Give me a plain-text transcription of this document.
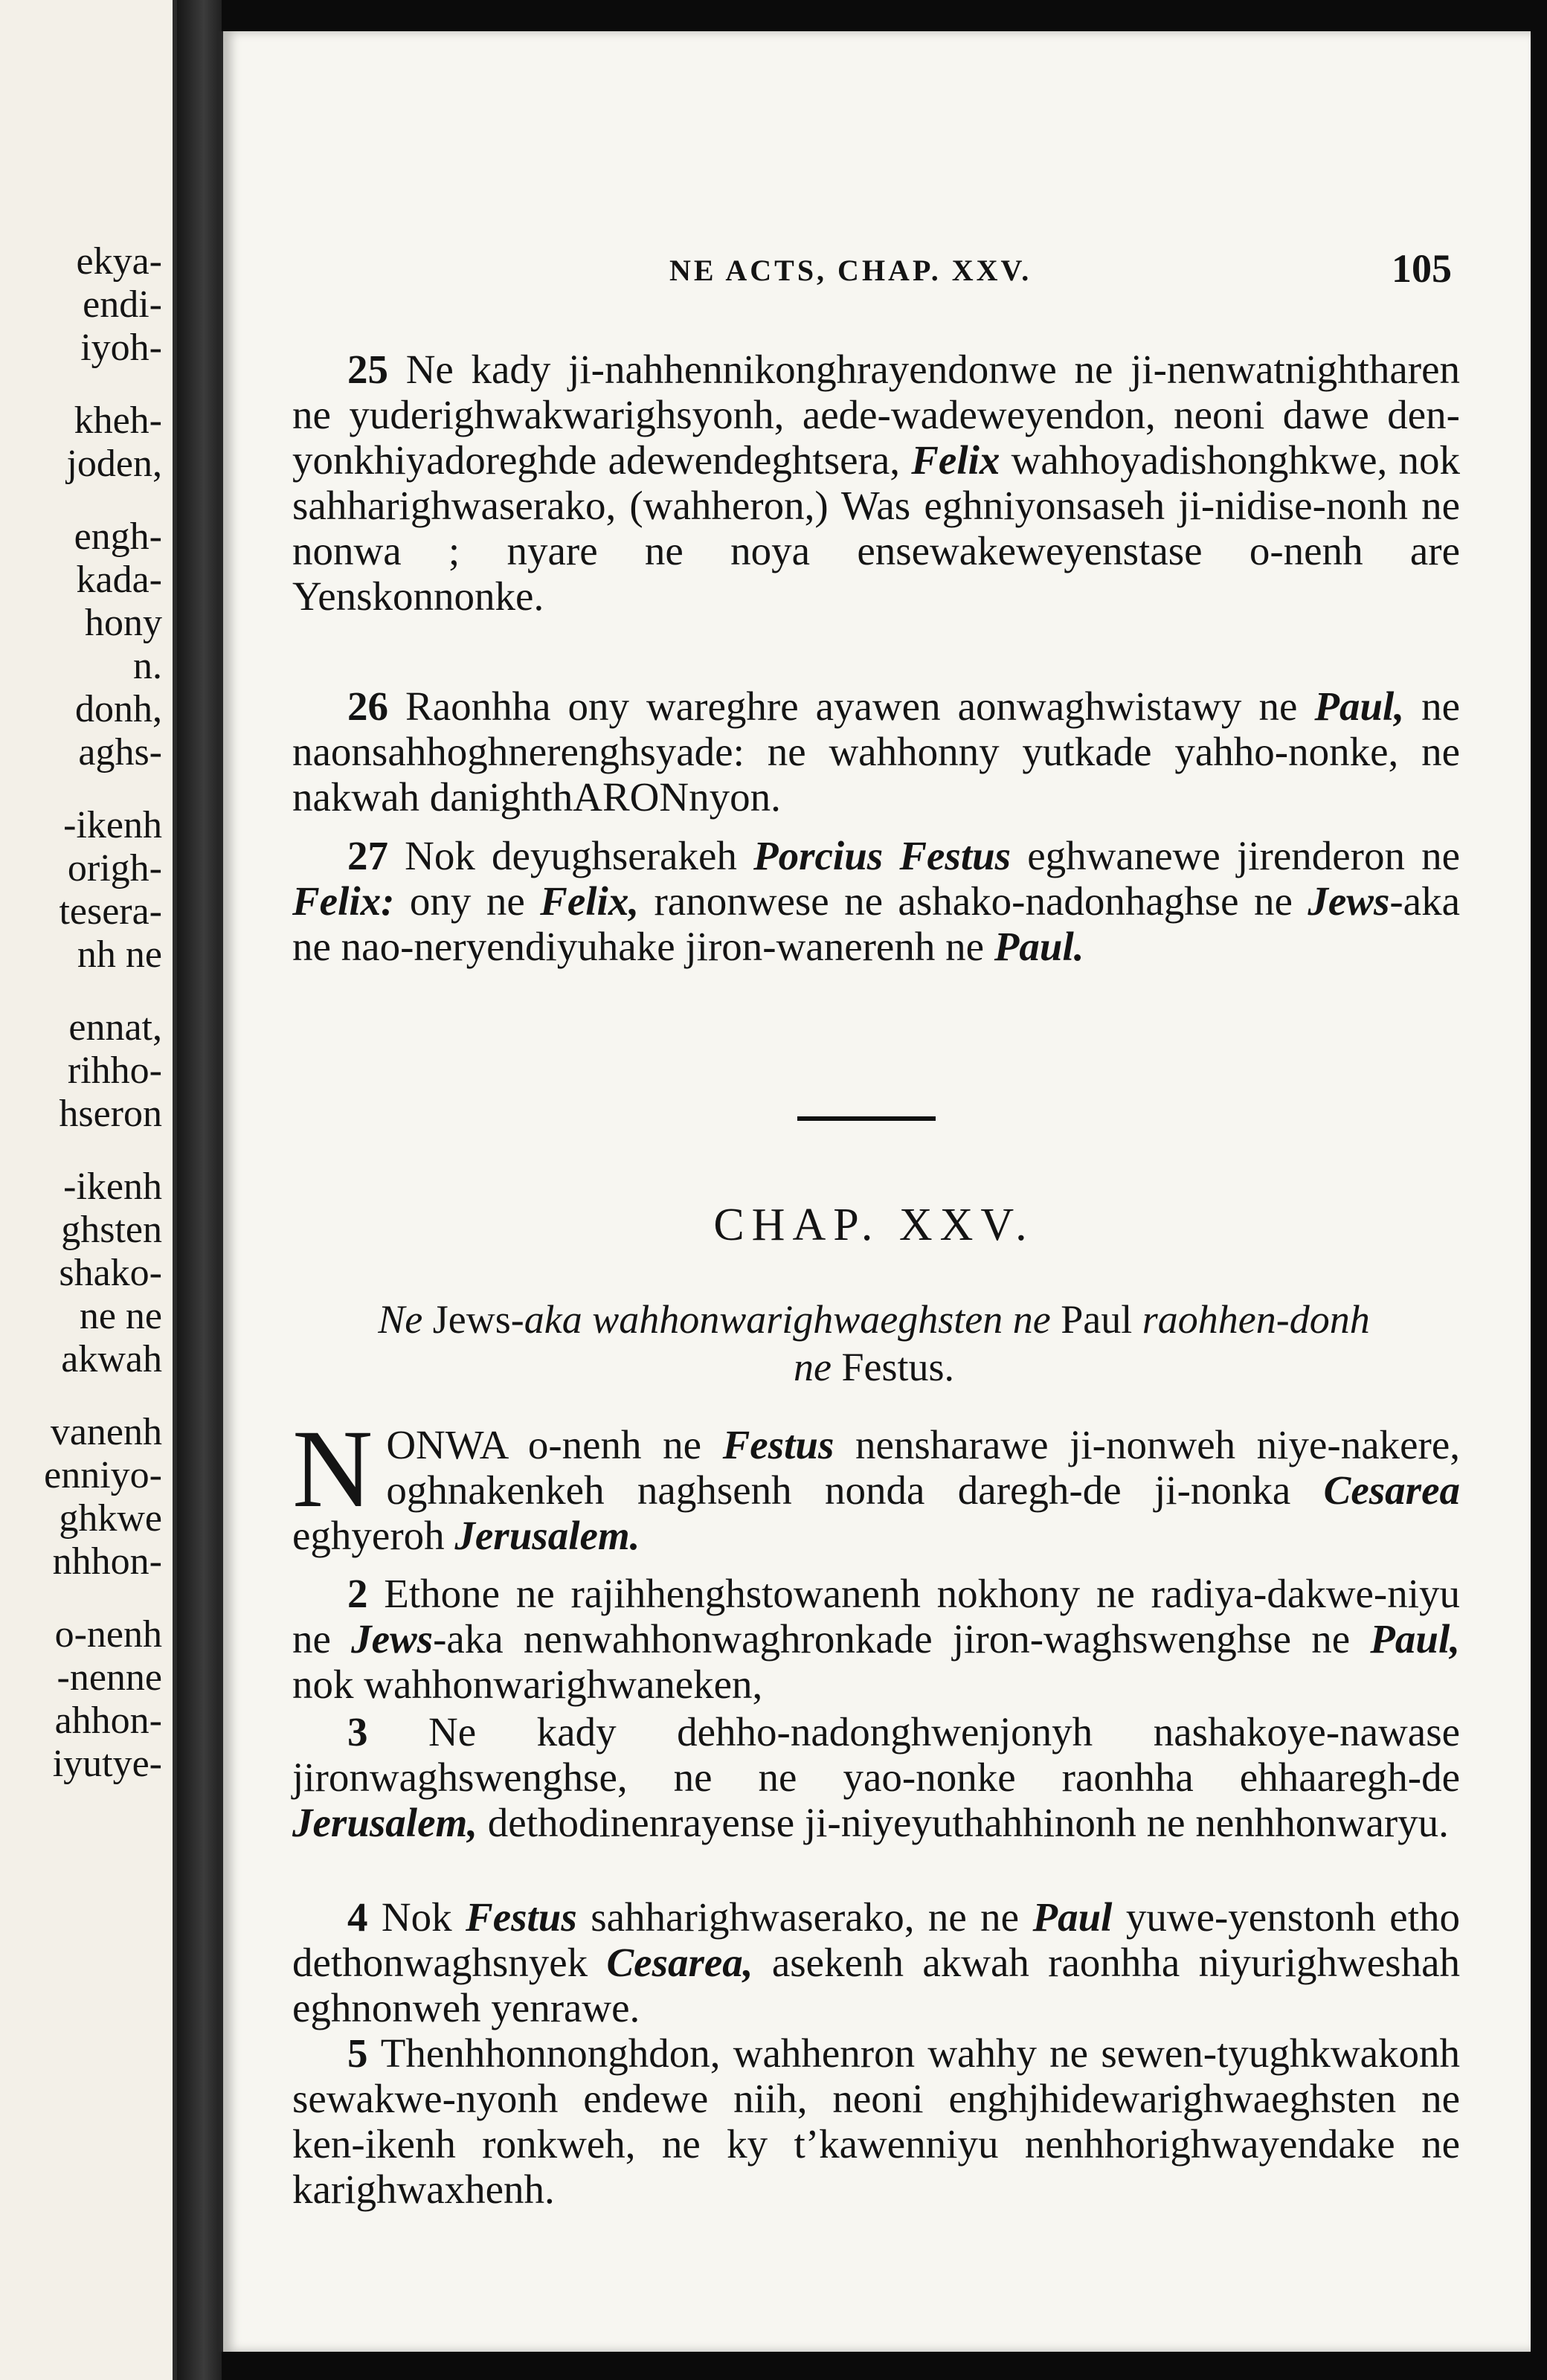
ekya-
endi-
iyoh-
kheh-
joden,
engh-
kada-
hony
n.
donh,
aghs-
-ikenh
origh-
tesera-
nh ne
ennat,
rihho-
hseron
-ikenh
ghsten
shako-
ne ne
akwah
vanenh
enniyo-
ghkwe
nhhon-
o-nenh
-nenne
ahhon-
iyutye-
NE ACTS, CHAP. XXV.	105

25 Ne kady ji-nahhennikonghrayendonwe ne ji-nenwatnightharen ne yuderighwakwarighsyonh, aede-wadeweyendon, neoni dawe den-yonkhiyadoreghde adewendeghtsera, Felix wahhoyadishonghkwe, nok sahharighwaserako, (wahheron,) Was eghniyonsaseh ji-nidise-nonh ne nonwa ; nyare ne noya ensewakeweyenstase o-nenh are Yenskonnonke.

26 Raonhha ony wareghre ayawen aonwaghwistawy ne Paul, ne naonsahhoghnerenghsyade: ne wahhonny yutkade yahho-nonke, ne nakwah danighthARONnyon.

27 Nok deyughserakeh Porcius Festus eghwanewe jirenderon ne Felix: ony ne Felix, ranonwese ne ashako-nadonhaghse ne Jews-aka ne nao-neryendiyuhake jiron-wanerenh ne Paul.

CHAP. XXV.
Ne Jews-aka wahhonwarighwaeghsten ne Paul raohhen-donh ne Festus.

NONWA o-nenh ne Festus nensharawe ji-nonweh niye-nakere, oghnakenkeh naghsenh nonda daregh-de ji-nonka Cesarea eghyeroh Jerusalem.

2 Ethone ne rajihhenghstowanenh nokhony ne radiya-dakwe-niyu ne Jews-aka nenwahhonwaghronkade jiron-waghswenghse ne Paul, nok wahhonwarighwaneken,

3 Ne kady dehho-nadonghwenjonyh nashakoye-nawase jironwaghswenghse, ne ne yao-nonke raonhha ehhaaregh-de Jerusalem, dethodinenrayense ji-niyeyuthahhinonh ne nenhhonwaryu.

4 Nok Festus sahharighwaserako, ne ne Paul yuwe-yenstonh etho dethonwaghsnyek Cesarea, asekenh akwah raonhha niyurighweshah eghnonweh yenrawe.

5 Thenhhonnonghdon, wahhenron wahhy ne sewen-tyughkwakonh sewakwe-nyonh endewe niih, neoni enghjhidewarighwaeghsten ne ken-ikenh ronkweh, ne ky t’kawenniyu nenhhorighwayendake ne karighwaxhenh.
